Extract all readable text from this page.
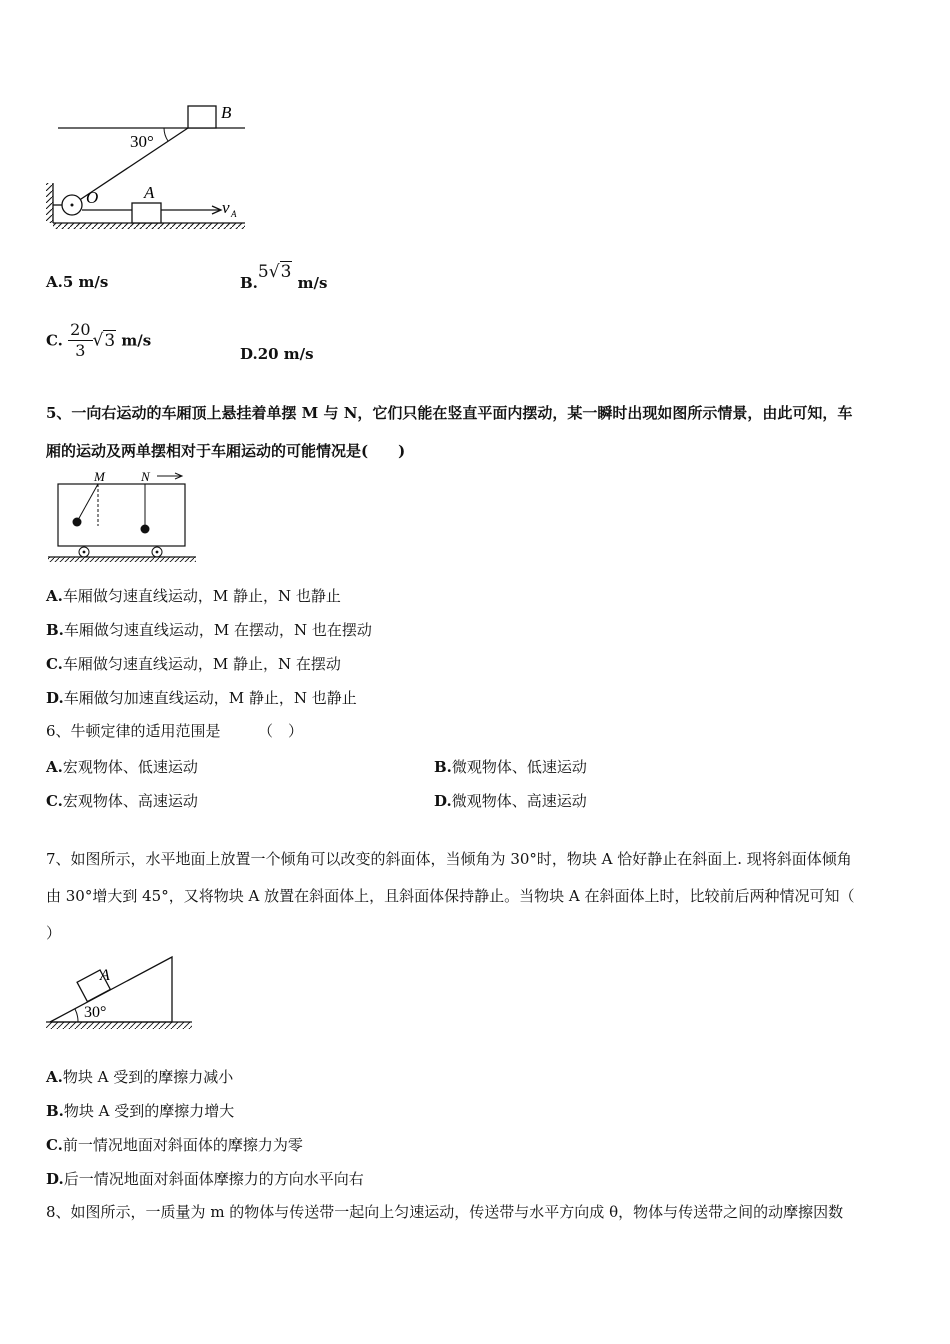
B
30°
O	A
v A
A.5 m/s	B.5√3 m/s
C. $\frac{20}{3} √3$ m/s
D.20 m/s
5、一向右运动的车厢顶上悬挂着单摆 M 与 N，它们只能在竖直平面内摆动，某一瞬时出现如图所示情景，由此可知，车
厢的运动及两单摆相对于车厢运动的可能情况是(　　)
M	N
A.车厢做匀速直线运动，M 静止，N 也静止
B.车厢做匀速直线运动，M 在摆动，N 也在摆动
C.车厢做匀速直线运动，M 静止，N 在摆动
D.车厢做匀加速直线运动，M 静止，N 也静止
6、牛顿定律的适用范围是　　　（　）
A.宏观物体、低速运动	B.微观物体、低速运动
C.宏观物体、高速运动	D.微观物体、高速运动
7、如图所示，水平地面上放置一个倾角可以改变的斜面体，当倾角为 30°时，物块 A 恰好静止在斜面上. 现将斜面体倾角
由 30°增大到 45°，又将物块 A 放置在斜面体上，且斜面体保持静止。当物块 A 在斜面体上时，比较前后两种情况可知（
）
A
30°
A.物块 A 受到的摩擦力减小
B.物块 A 受到的摩擦力增大
C.前一情况地面对斜面体的摩擦力为零
D.后一情况地面对斜面体摩擦力的方向水平向右
8、如图所示，一质量为 m 的物体与传送带一起向上匀速运动，传送带与水平方向成 θ，物体与传送带之间的动摩擦因数
